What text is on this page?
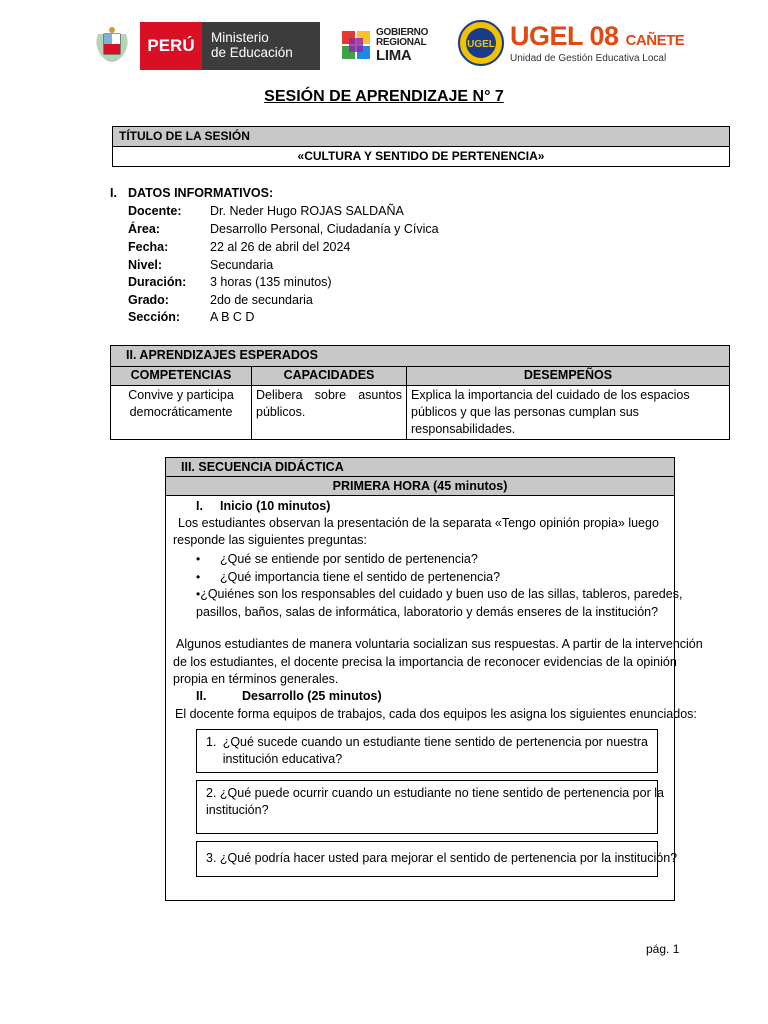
PERÚ	Ministerio
de Educación
GOBIERNO
REGIONAL
LIMA
UGEL UGEL 08 CAÑETE
Unidad de Gestión Educativa Local
SESIÓN DE APRENDIZAJE N° 7
TÍTULO DE LA SESIÓN
«CULTURA Y SENTIDO DE PERTENENCIA»
I. DATOS INFORMATIVOS:
Docente:	Dr. Neder Hugo ROJAS SALDAÑA
Área:	Desarrollo Personal, Ciudadanía y Cívica
Fecha:	22 al 26 de abril del 2024
Nivel:	Secundaria
Duración:	3 horas (135 minutos)
Grado:	2do de secundaria
Sección:	A B C D
II. APRENDIZAJES ESPERADOS		
COMPETENCIAS	CAPACIDADES	DESEMPEÑOS
Convive y participa democráticamente	Delibera sobre asuntos públicos.	Explica la importancia del cuidado de los espacios públicos y que las personas cumplan sus responsabilidades.
III. SECUENCIA DIDÁCTICA
PRIMERA HORA (45 minutos)
I. Inicio (10 minutos)
Los estudiantes observan la presentación de la separata «Tengo opinión propia» luego
responde las siguientes preguntas:
•	¿Qué se entiende por sentido de pertenencia?
•	¿Qué importancia tiene el sentido de pertenencia?
• ¿Quiénes son los responsables del cuidado y buen uso de las sillas, tableros, paredes,
pasillos, baños, salas de informática, laboratorio y demás enseres de la institución?
Algunos estudiantes de manera voluntaria socializan sus respuestas. A partir de la intervención
de los estudiantes, el docente precisa la importancia de reconocer evidencias de la opinión
propia en términos generales.
II.	Desarrollo (25 minutos)
El docente forma equipos de trabajos, cada dos equipos les asigna los siguientes enunciados:
1. ¿Qué sucede cuando un estudiante tiene sentido de pertenencia por nuestra
institución educativa?
2. ¿Qué puede ocurrir cuando un estudiante no tiene sentido de pertenencia por la
institución?
3. ¿Qué podría hacer usted para mejorar el sentido de pertenencia por la institución?
pág. 1
